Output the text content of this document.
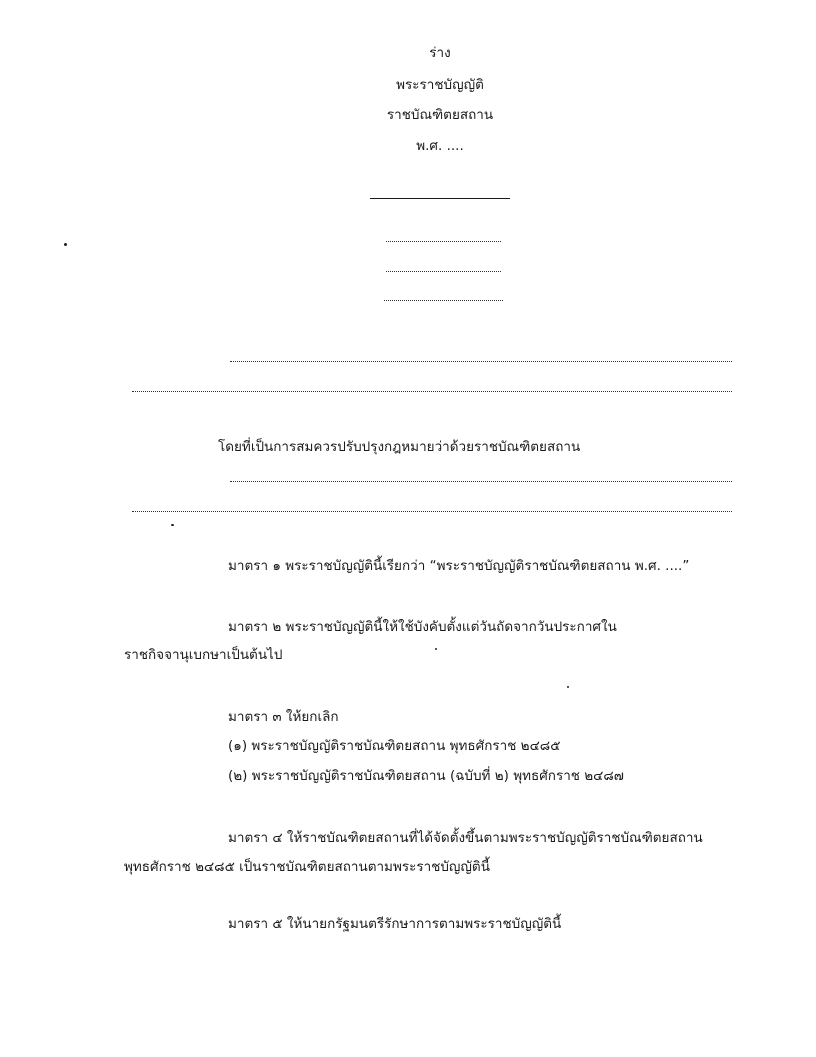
ร่าง
พระราชบัญญัติ
ราชบัณฑิตยสถาน
พ.ศ. ....
โดยที่เป็นการสมควรปรับปรุงกฎหมายว่าด้วยราชบัณฑิตยสถาน
มาตรา ๑ พระราชบัญญัตินี้เรียกว่า “พระราชบัญญัติราชบัณฑิตยสถาน พ.ศ. ....”
มาตรา ๒ พระราชบัญญัตินี้ให้ใช้บังคับตั้งแต่วันถัดจากวันประกาศใน
ราชกิจจานุเบกษาเป็นต้นไป
มาตรา ๓ ให้ยกเลิก
(๑) พระราชบัญญัติราชบัณฑิตยสถาน พุทธศักราช ๒๔๘๕
(๒) พระราชบัญญัติราชบัณฑิตยสถาน (ฉบับที่ ๒) พุทธศักราช ๒๔๘๗
มาตรา ๔ ให้ราชบัณฑิตยสถานที่ได้จัดตั้งขึ้นตามพระราชบัญญัติราชบัณฑิตยสถาน
พุทธศักราช ๒๔๘๕ เป็นราชบัณฑิตยสถานตามพระราชบัญญัตินี้
มาตรา ๕ ให้นายกรัฐมนตรีรักษาการตามพระราชบัญญัตินี้
